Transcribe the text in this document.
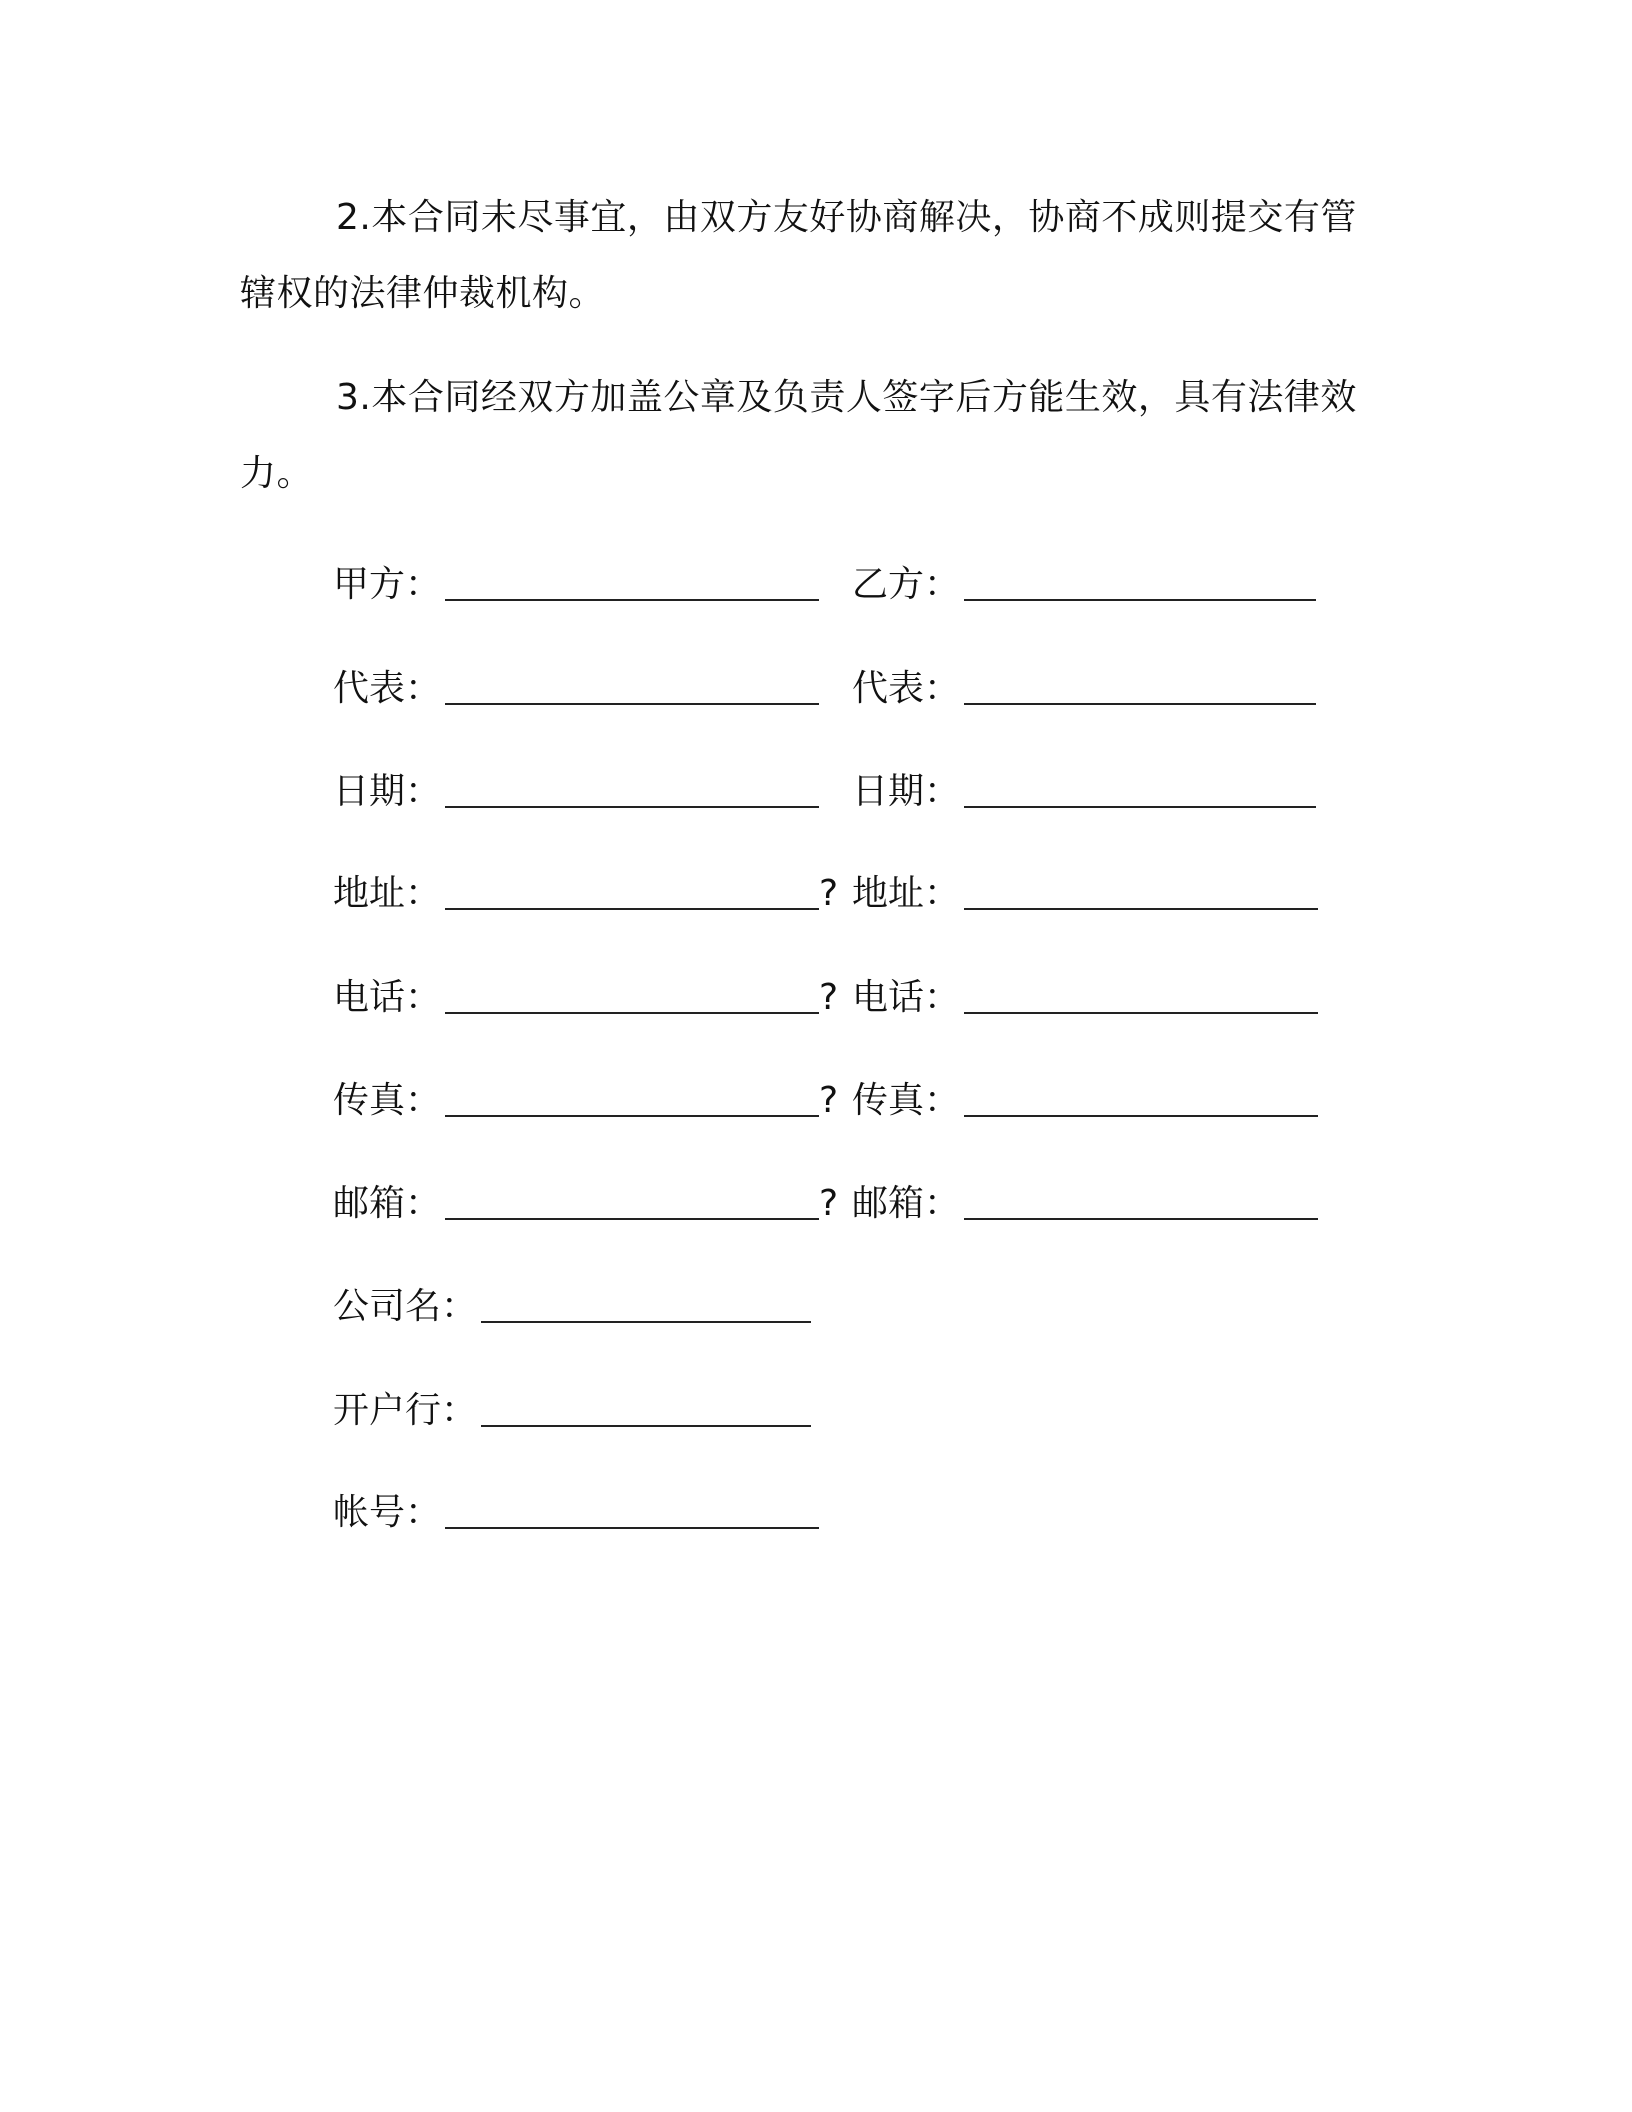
2.本合同未尽事宜，由双方友好协商解决，协商不成则提交有管辖权的法律仲裁机构。
3.本合同经双方加盖公章及负责人签字后方能生效，具有法律效力。
甲方：	乙方：
代表：	代表：
日期：	日期：
地址：	? 地址：
电话：	? 电话：
传真：	? 传真：
邮箱：	? 邮箱：
公司名：
开户行：
帐号：
